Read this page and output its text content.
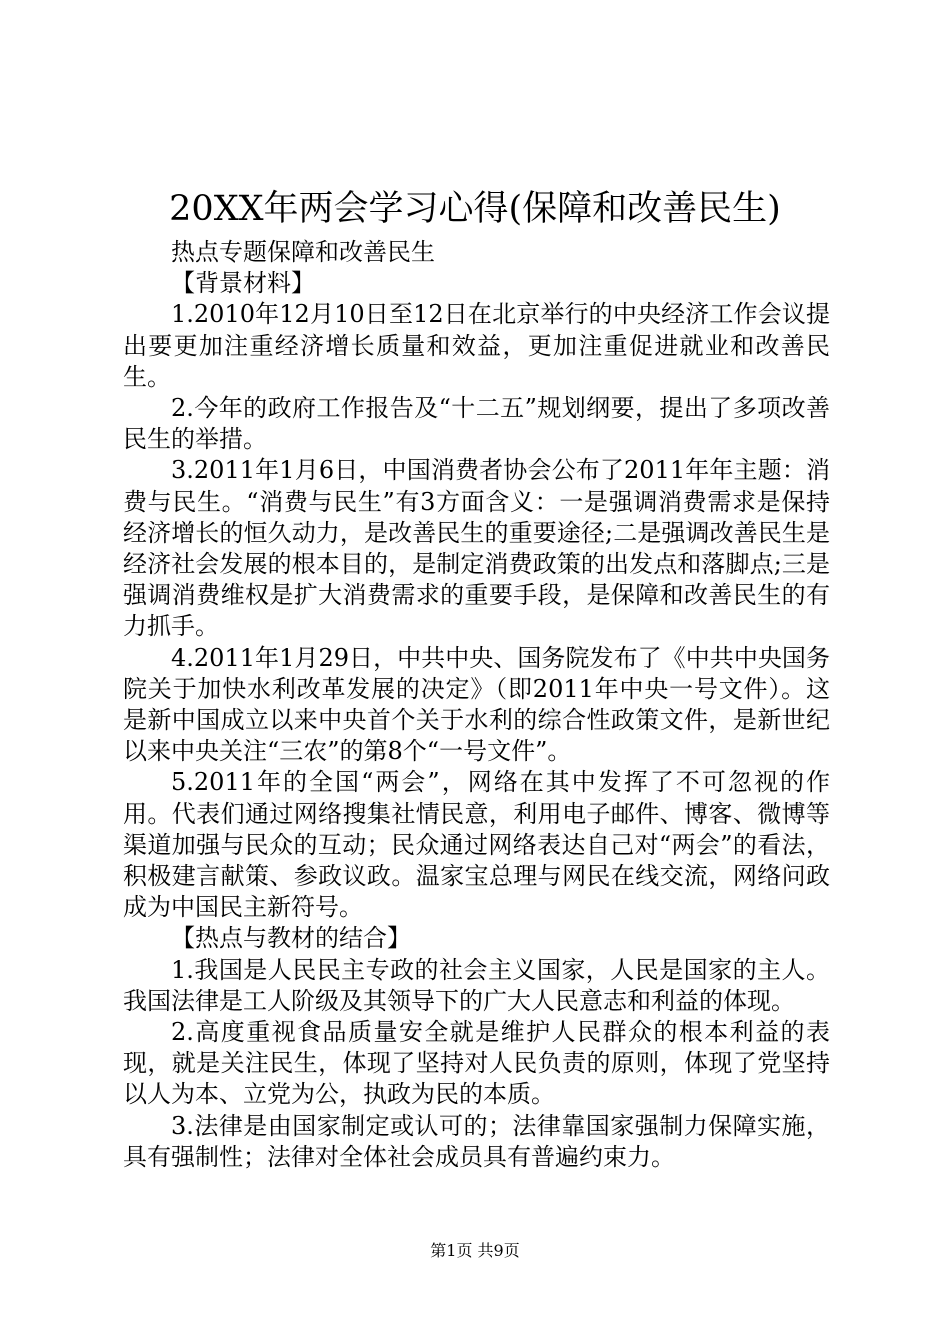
20XX年两会学习心得(保障和改善民生)

热点专题保障和改善民生

【背景材料】

1.2010年12月10日至12日在北京举行的中央经济工作会议提出要更加注重经济增长质量和效益，更加注重促进就业和改善民生。

2.今年的政府工作报告及“十二五”规划纲要，提出了多项改善民生的举措。

3.2011年1月6日，中国消费者协会公布了2011年年主题：消费与民生。“消费与民生”有3方面含义：一是强调消费需求是保持经济增长的恒久动力，是改善民生的重要途径;二是强调改善民生是经济社会发展的根本目的，是制定消费政策的出发点和落脚点;三是强调消费维权是扩大消费需求的重要手段，是保障和改善民生的有力抓手。

4.2011年1月29日，中共中央、国务院发布了《中共中央国务院关于加快水利改革发展的决定》（即2011年中央一号文件）。这是新中国成立以来中央首个关于水利的综合性政策文件，是新世纪以来中央关注“三农”的第8个“一号文件”。

5.2011年的全国“两会”，网络在其中发挥了不可忽视的作用。代表们通过网络搜集社情民意，利用电子邮件、博客、微博等渠道加强与民众的互动；民众通过网络表达自己对“两会”的看法，积极建言献策、参政议政。温家宝总理与网民在线交流，网络问政成为中国民主新符号。

【热点与教材的结合】

1.我国是人民民主专政的社会主义国家，人民是国家的主人。我国法律是工人阶级及其领导下的广大人民意志和利益的体现。

2.高度重视食品质量安全就是维护人民群众的根本利益的表现，就是关注民生，体现了坚持对人民负责的原则，体现了党坚持以人为本、立党为公，执政为民的本质。

3.法律是由国家制定或认可的；法律靠国家强制力保障实施，具有强制性；法律对全体社会成员具有普遍约束力。

第1页 共9页
